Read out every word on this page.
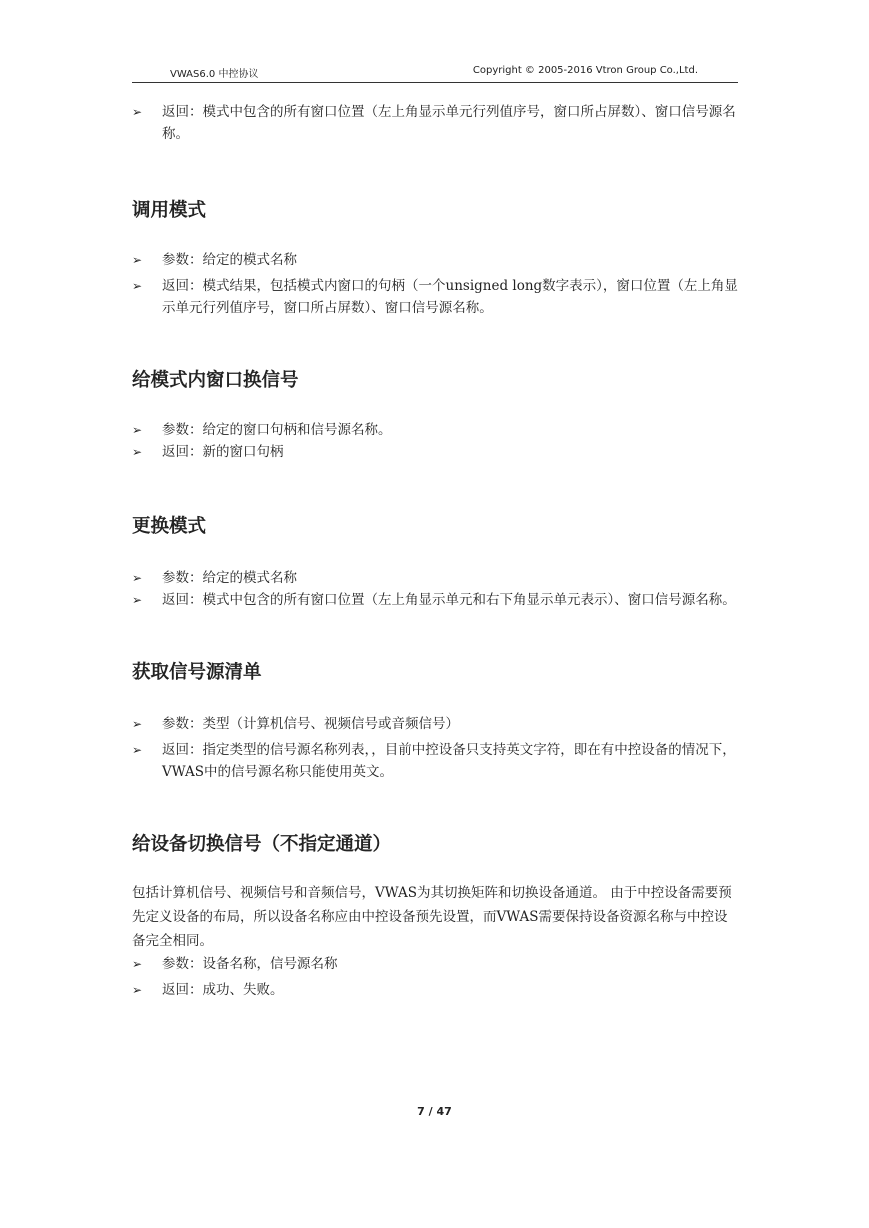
VWAS6.0 中控协议	Copyright © 2005-2016 Vtron Group Co.,Ltd.
➢	返回：模式中包含的所有窗口位置（左上角显示单元行列值序号，窗口所占屏数）、窗口信号源名称。
调用模式
➢	参数：给定的模式名称
➢	返回：模式结果，包括模式内窗口的句柄（一个unsigned long数字表示），窗口位置（左上角显示单元行列值序号，窗口所占屏数）、窗口信号源名称。
给模式内窗口换信号
➢	参数：给定的窗口句柄和信号源名称。
➢	返回：新的窗口句柄
更换模式
➢	参数：给定的模式名称
➢	返回：模式中包含的所有窗口位置（左上角显示单元和右下角显示单元表示）、窗口信号源名称。
获取信号源清单
➢	参数：类型（计算机信号、视频信号或音频信号）
➢	返回：指定类型的信号源名称列表，，目前中控设备只支持英文字符，即在有中控设备的情况下，VWAS中的信号源名称只能使用英文。
给设备切换信号（不指定通道）
包括计算机信号、视频信号和音频信号，VWAS为其切换矩阵和切换设备通道。 由于中控设备需要预先定义设备的布局，所以设备名称应由中控设备预先设置，而VWAS需要保持设备资源名称与中控设备完全相同。
➢	参数：设备名称，信号源名称
➢	返回：成功、失败。
7 / 47
